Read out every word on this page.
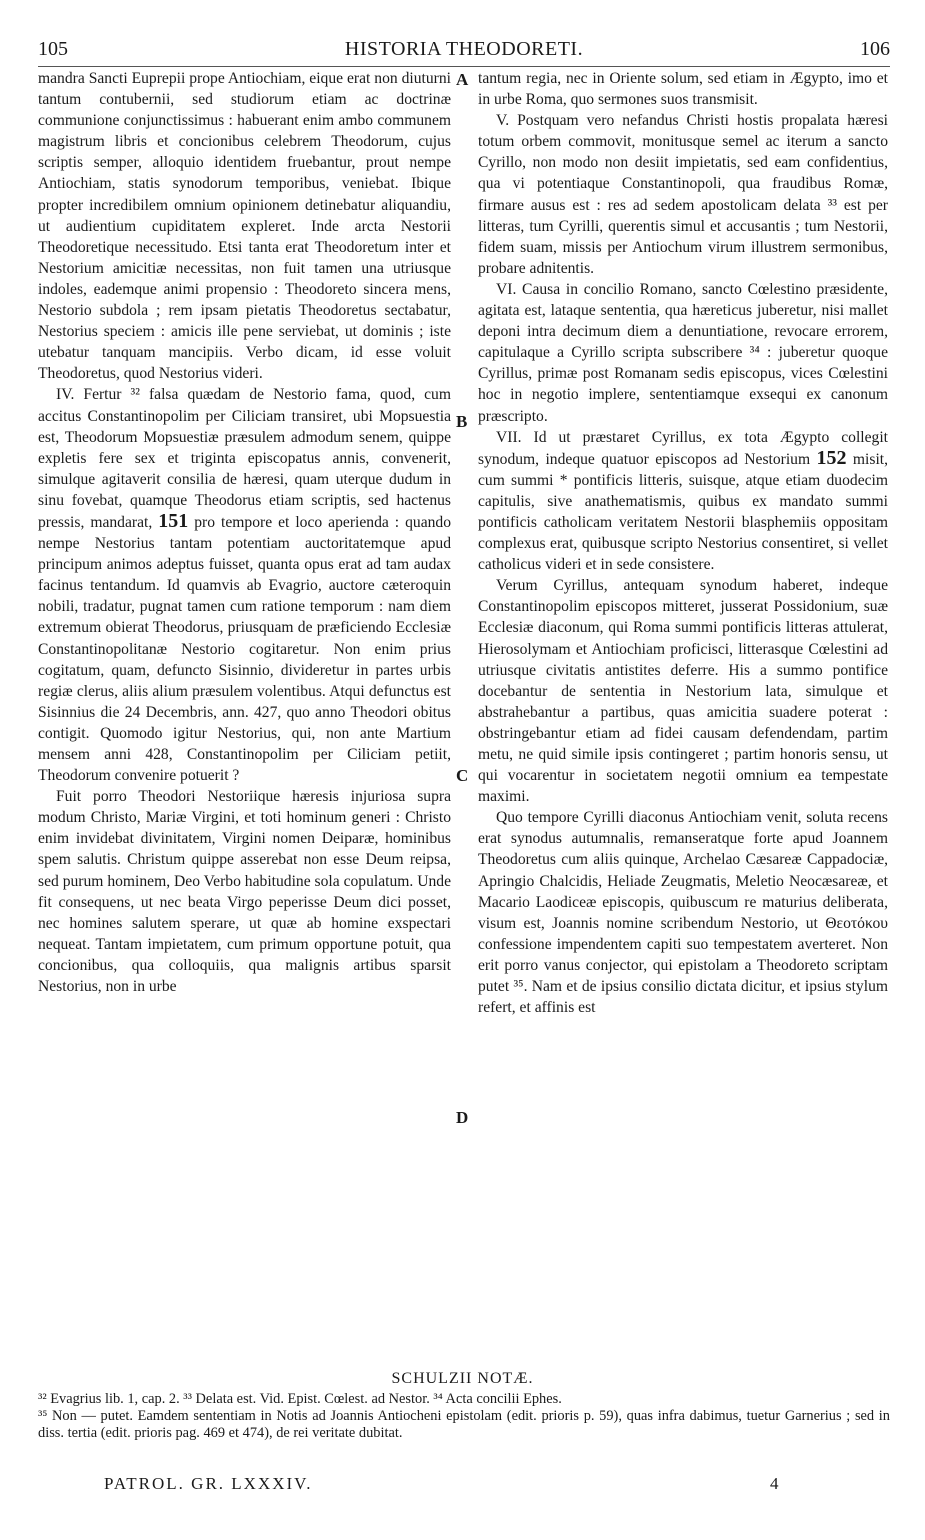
105	HISTORIA THEODORETI.	106

mandra Sancti Euprepii prope Antiochiam, eique erat non diuturni tantum contubernii, sed studiorum etiam ac doctrinæ communione conjunctissimus : habuerant enim ambo communem magistrum libris et concionibus celebrem Theodorum, cujus scriptis semper, alloquio identidem fruebantur, prout nempe Antiochiam, statis synodorum temporibus, veniebat. Ibique propter incredibilem omnium opinionem detinebatur aliquandiu, ut audientium cupiditatem expleret. Inde arcta Nestorii Theodoretique necessitudo. Etsi tanta erat Theodoretum inter et Nestorium amicitiæ necessitas, non fuit tamen una utriusque indoles, eademque animi propensio : Theodoreto sincera mens, Nestorio subdola ; rem ipsam pietatis Theodoretus sectabatur, Nestorius speciem : amicis ille pene serviebat, ut dominis ; iste utebatur tanquam mancipiis. Verbo dicam, id esse voluit Theodoretus, quod Nestorius videri.

IV. Fertur ³² falsa quædam de Nestorio fama, quod, cum accitus Constantinopolim per Ciliciam transiret, ubi Mopsuestia est, Theodorum Mopsuestiæ præsulem admodum senem, quippe expletis fere sex et triginta episcopatus annis, convenerit, simulque agitaverit consilia de hæresi, quam uterque dudum in sinu fovebat, quamque Theodorus etiam scriptis, sed hactenus pressis, mandarat, 151 pro tempore et loco aperienda : quando nempe Nestorius tantam potentiam auctoritatemque apud principum animos adeptus fuisset, quanta opus erat ad tam audax facinus tentandum. Id quamvis ab Evagrio, auctore cæteroquin nobili, tradatur, pugnat tamen cum ratione temporum : nam diem extremum obierat Theodorus, priusquam de præficiendo Ecclesiæ Constantinopolitanæ Nestorio cogitaretur. Non enim prius cogitatum, quam, defuncto Sisinnio, divideretur in partes urbis regiæ clerus, aliis alium præsulem volentibus. Atqui defunctus est Sisinnius die 24 Decembris, ann. 427, quo anno Theodori obitus contigit. Quomodo igitur Nestorius, qui, non ante Martium mensem anni 428, Constantinopolim per Ciliciam petiit, Theodorum convenire potuerit ?

Fuit porro Theodori Nestoriique hæresis injuriosa supra modum Christo, Mariæ Virgini, et toti hominum generi : Christo enim invidebat divinitatem, Virgini nomen Deiparæ, hominibus spem salutis. Christum quippe asserebat non esse Deum reipsa, sed purum hominem, Deo Verbo habitudine sola copulatum. Unde fit consequens, ut nec beata Virgo peperisse Deum dici posset, nec homines salutem sperare, ut quæ ab homine exspectari nequeat. Tantam impietatem, cum primum opportune potuit, qua concionibus, qua colloquiis, qua malignis artibus sparsit Nestorius, non in urbe

A
B
C
D

tantum regia, nec in Oriente solum, sed etiam in Ægypto, imo et in urbe Roma, quo sermones suos transmisit.

V. Postquam vero nefandus Christi hostis propalata hæresi totum orbem commovit, monitusque semel ac iterum a sancto Cyrillo, non modo non desiit impietatis, sed eam confidentius, qua vi potentiaque Constantinopoli, qua fraudibus Romæ, firmare ausus est : res ad sedem apostolicam delata ³³ est per litteras, tum Cyrilli, querentis simul et accusantis ; tum Nestorii, fidem suam, missis per Antiochum virum illustrem sermonibus, probare adnitentis.

VI. Causa in concilio Romano, sancto Cœlestino præsidente, agitata est, lataque sententia, qua hæreticus juberetur, nisi mallet deponi intra decimum diem a denuntiatione, revocare errorem, capitulaque a Cyrillo scripta subscribere ³⁴ : juberetur quoque Cyrillus, primæ post Romanam sedis episcopus, vices Cœlestini hoc in negotio implere, sententiamque exsequi ex canonum præscripto.

VII. Id ut præstaret Cyrillus, ex tota Ægypto collegit synodum, indeque quatuor episcopos ad Nestorium 152 misit, cum summi * pontificis litteris, suisque, atque etiam duodecim capitulis, sive anathematismis, quibus ex mandato summi pontificis catholicam veritatem Nestorii blasphemiis oppositam complexus erat, quibusque scripto Nestorius consentiret, si vellet catholicus videri et in sede consistere.

Verum Cyrillus, antequam synodum haberet, indeque Constantinopolim episcopos mitteret, jusserat Possidonium, suæ Ecclesiæ diaconum, qui Roma summi pontificis litteras attulerat, Hierosolymam et Antiochiam proficisci, litterasque Cœlestini ad utriusque civitatis antistites deferre. His a summo pontifice docebantur de sententia in Nestorium lata, simulque et abstrahebantur a partibus, quas amicitia suadere poterat : obstringebantur etiam ad fidei causam defendendam, partim metu, ne quid simile ipsis contingeret ; partim honoris sensu, ut qui vocarentur in societatem negotii omnium ea tempestate maximi.

Quo tempore Cyrilli diaconus Antiochiam venit, soluta recens erat synodus autumnalis, remanseratque forte apud Joannem Theodoretus cum aliis quinque, Archelao Cæsareæ Cappadociæ, Apringio Chalcidis, Heliade Zeugmatis, Meletio Neocæsareæ, et Macario Laodiceæ episcopis, quibuscum re maturius deliberata, visum est, Joannis nomine scribendum Nestorio, ut Θεοτόκου confessione impendentem capiti suo tempestatem averteret. Non erit porro vanus conjector, qui epistolam a Theodoreto scriptam putet ³⁵. Nam et de ipsius consilio dictata dicitur, et ipsius stylum refert, et affinis est

SCHULZII NOTÆ.

³² Evagrius lib. 1, cap. 2. ³³ Delata est. Vid. Epist. Cœlest. ad Nestor. ³⁴ Acta concilii Ephes.

³⁵ Non — putet. Eamdem sententiam in Notis ad Joannis Antiocheni epistolam (edit. prioris p. 59), quas infra dabimus, tuetur Garnerius ; sed in diss. tertia (edit. prioris pag. 469 et 474), de rei veritate dubitat.

PATROL. GR. LXXXIV.	4
